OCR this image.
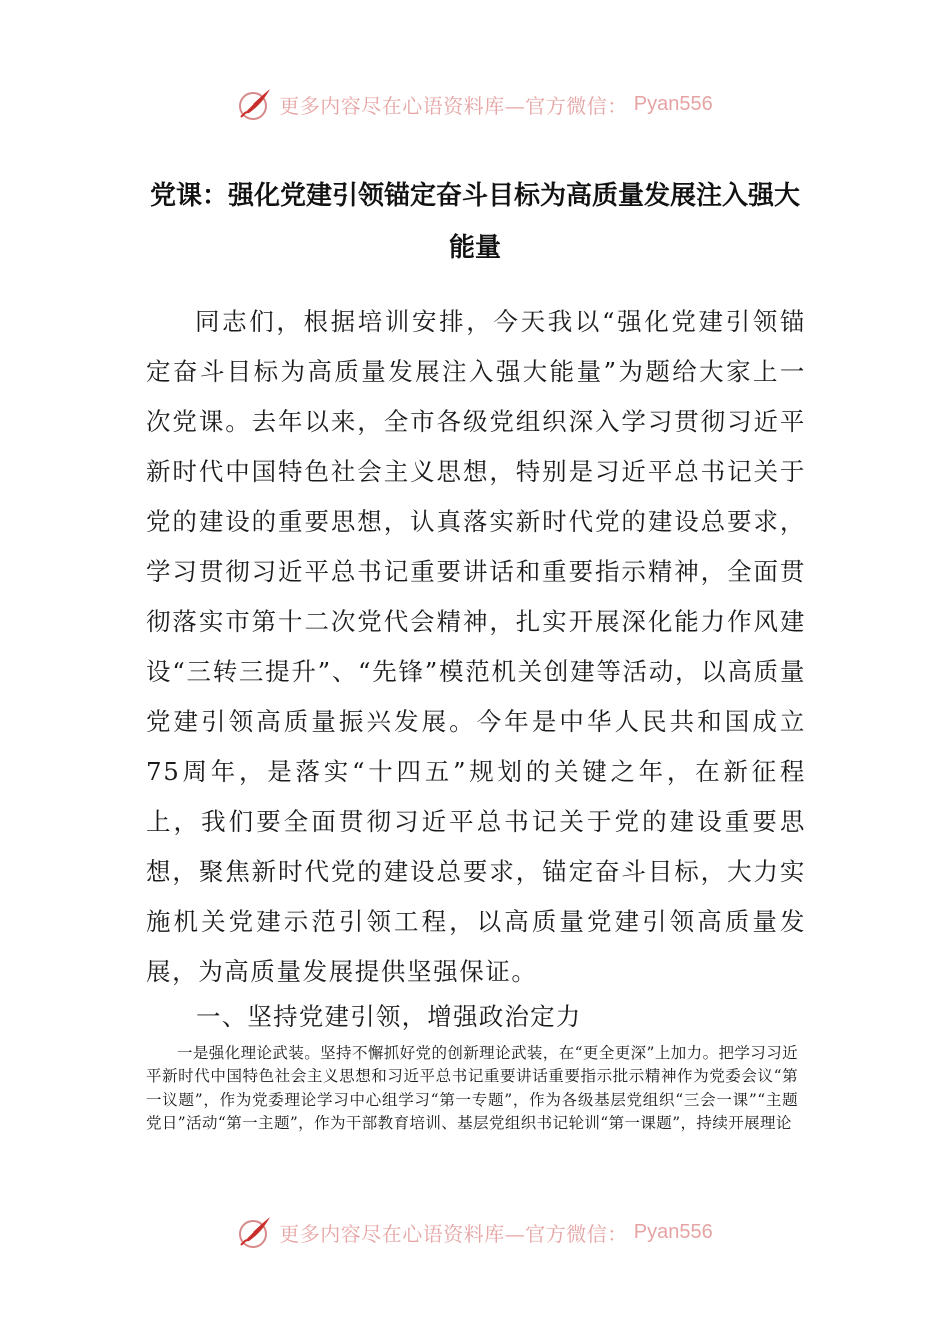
更多内容尽在心语资料库—官方微信： Pyan556
党课：强化党建引领锚定奋斗目标为高质量发展注入强大能量

同志们，根据培训安排，今天我以“强化党建引领锚定奋斗目标为高质量发展注入强大能量”为题给大家上一次党课。去年以来，全市各级党组织深入学习贯彻习近平新时代中国特色社会主义思想，特别是习近平总书记关于党的建设的重要思想，认真落实新时代党的建设总要求，学习贯彻习近平总书记重要讲话和重要指示精神，全面贯彻落实市第十二次党代会精神，扎实开展深化能力作风建设“三转三提升”、“先锋”模范机关创建等活动，以高质量党建引领高质量振兴发展。今年是中华人民共和国成立75周年，是落实“十四五”规划的关键之年，在新征程上，我们要全面贯彻习近平总书记关于党的建设重要思想，聚焦新时代党的建设总要求，锚定奋斗目标，大力实施机关党建示范引领工程，以高质量党建引领高质量发展，为高质量发展提供坚强保证。

一、坚持党建引领，增强政治定力

一是强化理论武装。坚持不懈抓好党的创新理论武装，在“更全更深”上加力。把学习习近平新时代中国特色社会主义思想和习近平总书记重要讲话重要指示批示精神作为党委会议“第一议题”，作为党委理论学习中心组学习“第一专题”，作为各级基层党组织“三会一课”“主题党日”活动“第一主题”，作为干部教育培训、基层党组织书记轮训“第一课题”，持续开展理论

更多内容尽在心语资料库—官方微信： Pyan556
